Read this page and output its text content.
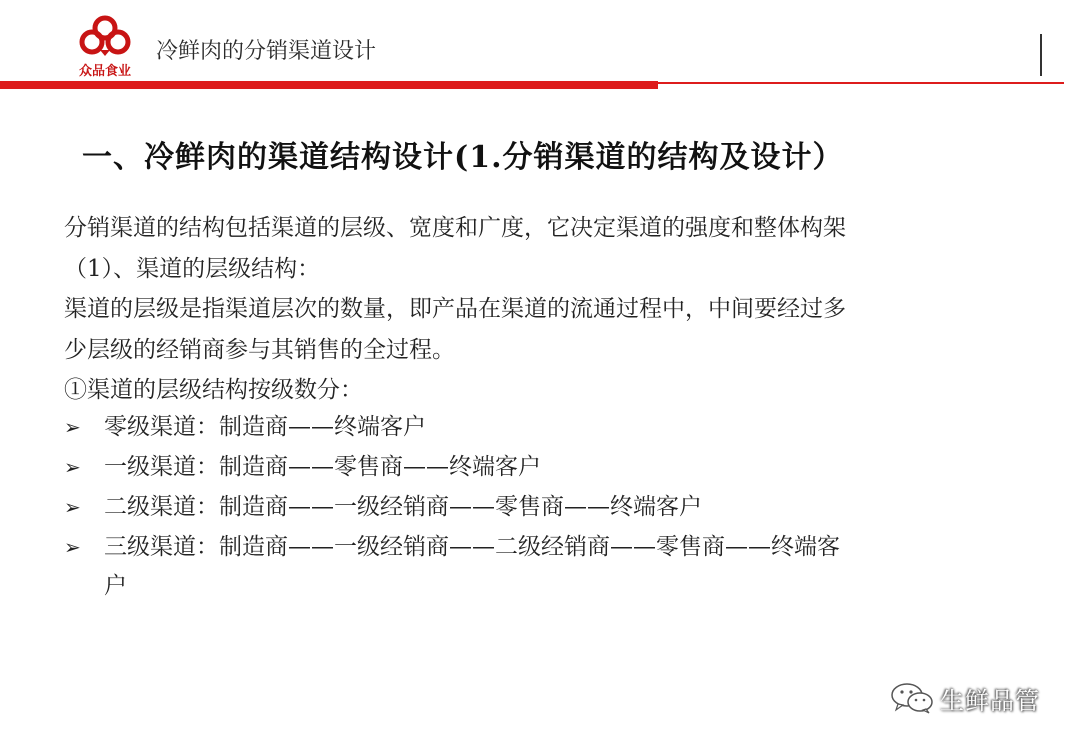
众品食业
冷鲜肉的分销渠道设计
一、冷鲜肉的渠道结构设计(1.分销渠道的结构及设计）
分销渠道的结构包括渠道的层级、宽度和广度，它决定渠道的强度和整体构架
（1）、渠道的层级结构：
渠道的层级是指渠道层次的数量，即产品在渠道的流通过程中，中间要经过多
少层级的经销商参与其销售的全过程。
①渠道的层级结构按级数分：
➢	零级渠道：制造商——终端客户
➢	一级渠道：制造商——零售商——终端客户
➢	二级渠道：制造商——一级经销商——零售商——终端客户
➢	三级渠道：制造商——一级经销商——二级经销商——零售商——终端客
户
生鲜品管
